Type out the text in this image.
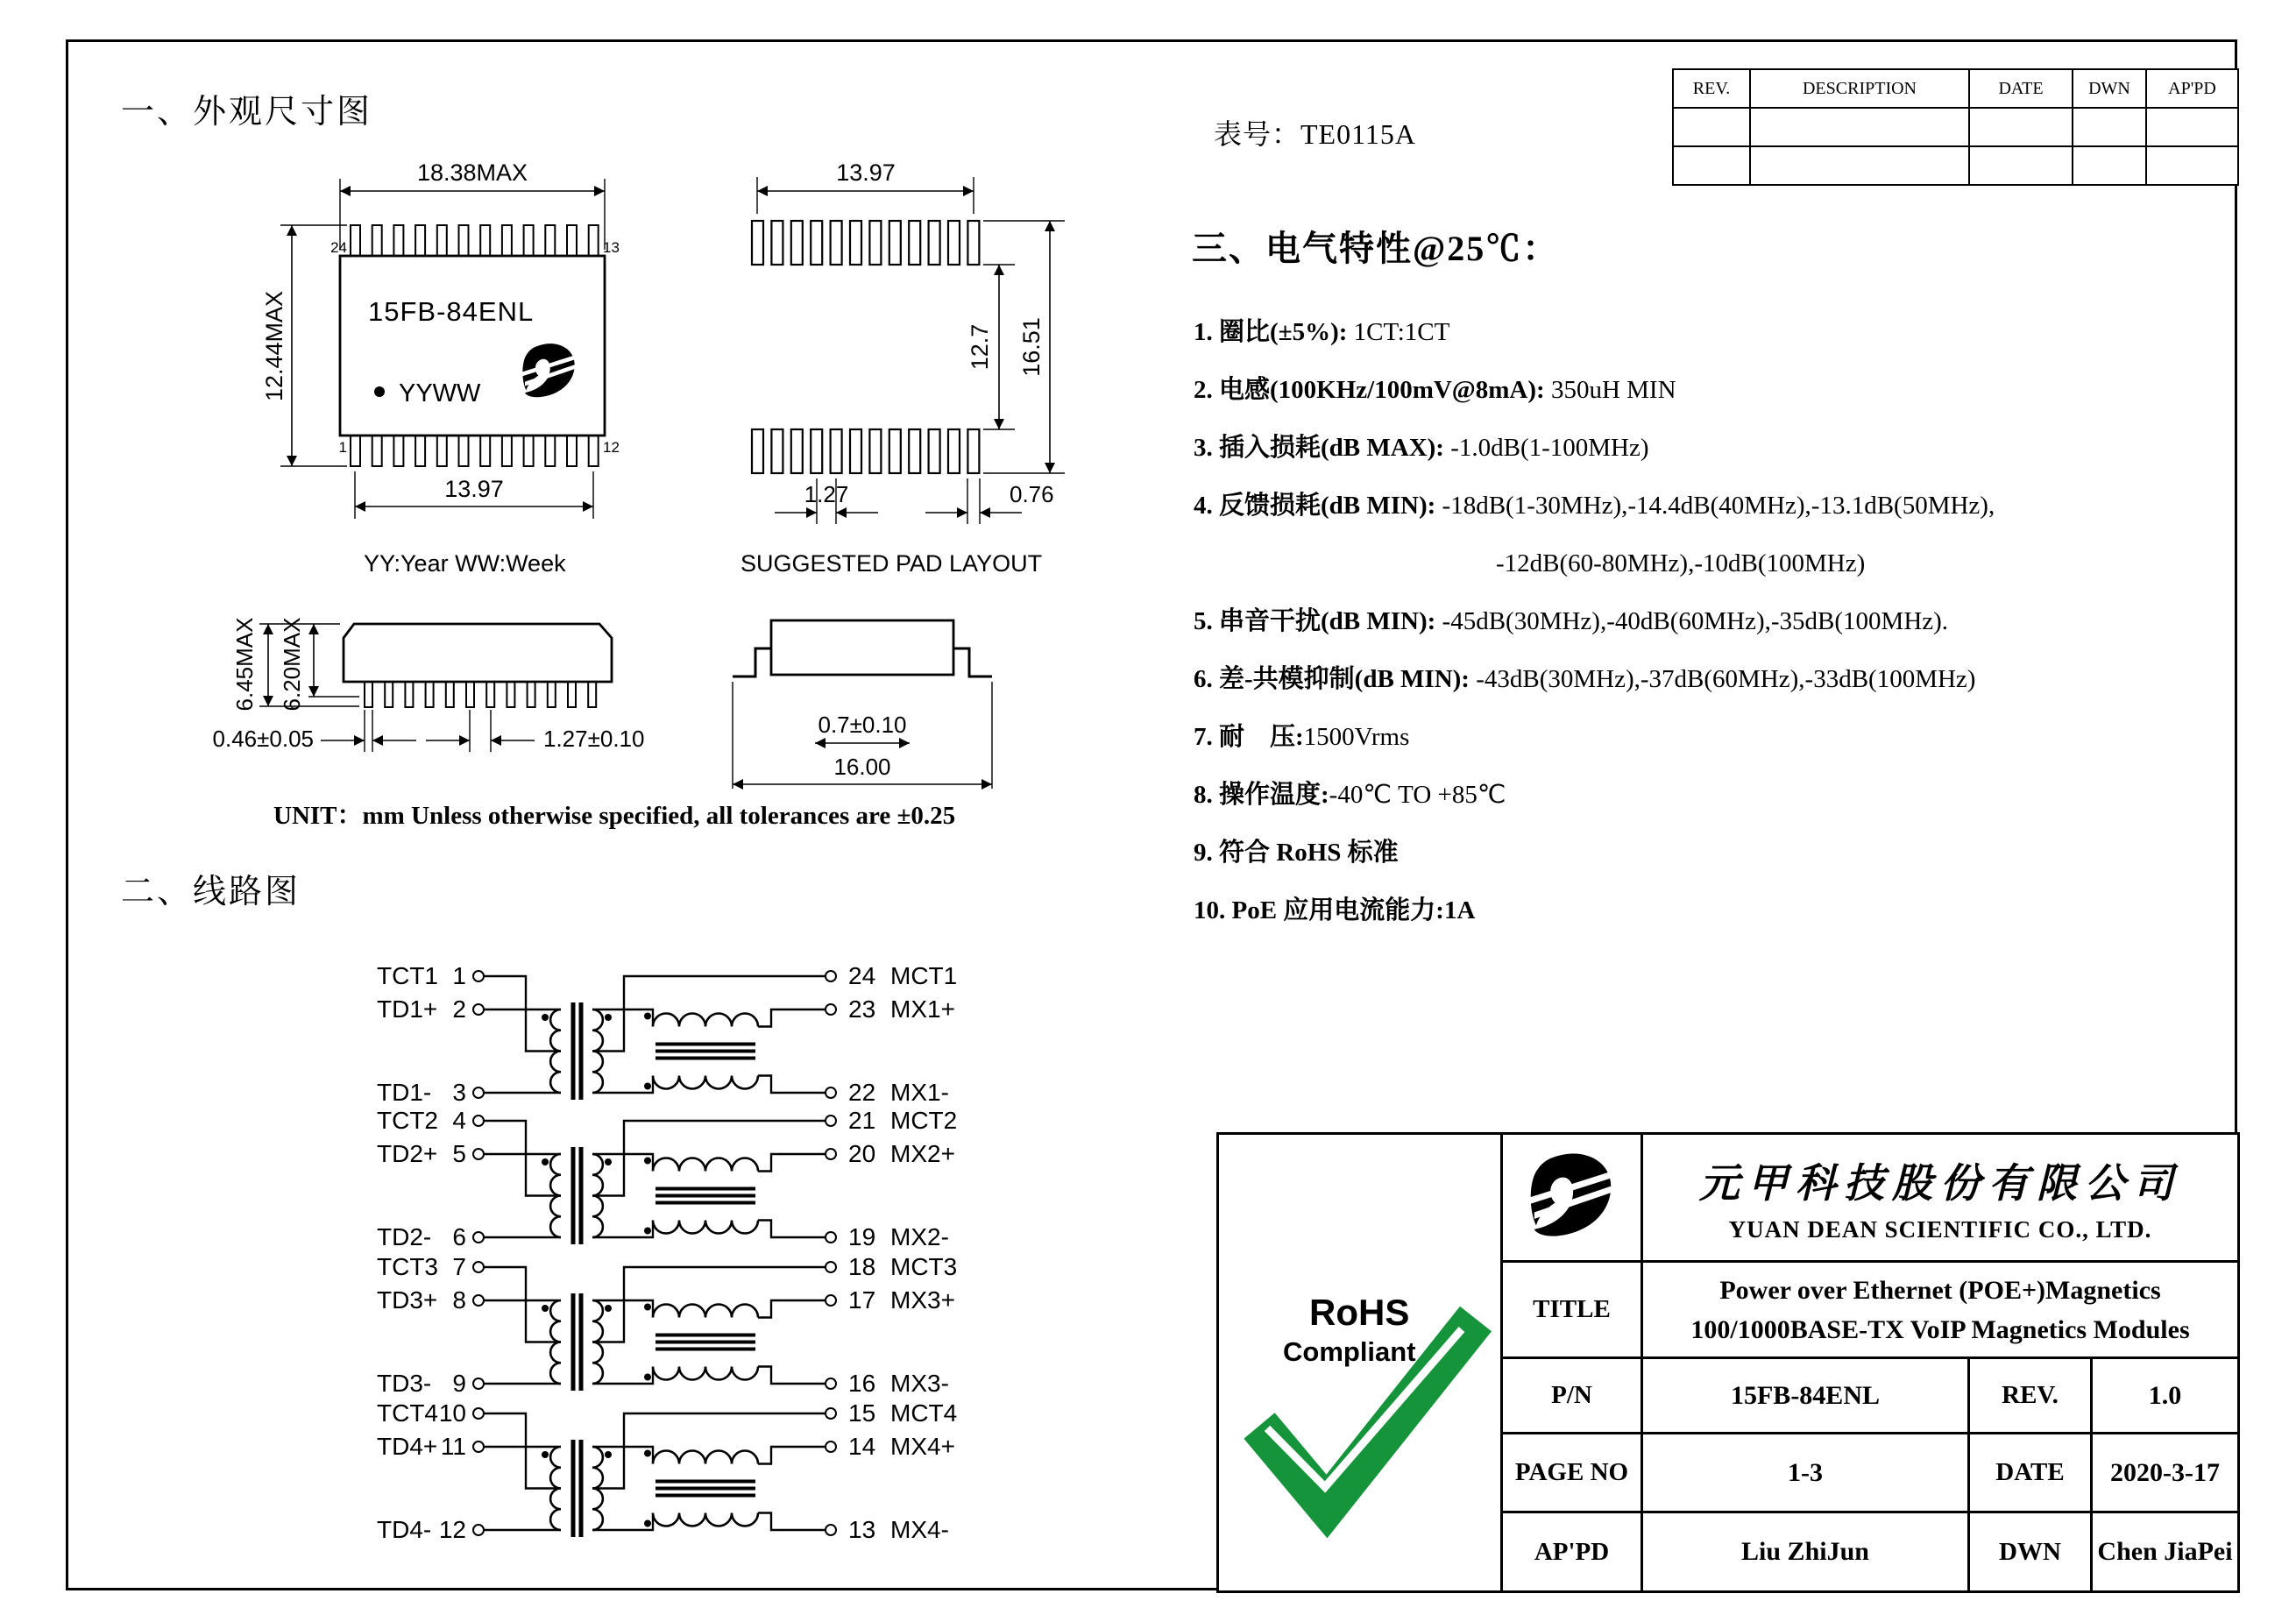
24	13
1	12
15FB-84ENL
YYWW
18.38MAX
12.44MAX
13.97
YY:Year WW:Week
13.97
12.7 16.51
1.27	0.76
SUGGESTED PAD LAYOUT
6.45MAX 6.20MAX
0.46±0.05	1.27±0.10
0.7±0.10
16.00
TCT1 1	24 MCT1
TD1+ 2	23 MX1+
TD1- 3	22 MX1-
TCT2 4	21 MCT2
TD2+ 5	20 MX2+
TD2- 6	19 MX2-
TCT3 7	18 MCT3
TD3+ 8	17 MX3+
TD3- 9	16 MX3-
TCT4 10	15 MCT4
TD4+ 11	14 MX4+
TD4- 12	13 MX4-
一、外观尺寸图
二、线路图
表号：TE0115A
三、电气特性@25℃：
UNIT：mm Unless otherwise specified, all tolerances are ±0.25
1. 圈比(±5%): 1CT:1CT
2. 电感(100KHz/100mV@8mA): 350uH MIN
3. 插入损耗(dB MAX): -1.0dB(1-100MHz)
4. 反馈损耗(dB MIN): -18dB(1-30MHz),-14.4dB(40MHz),-13.1dB(50MHz),
-12dB(60-80MHz),-10dB(100MHz)
5. 串音干扰(dB MIN): -45dB(30MHz),-40dB(60MHz),-35dB(100MHz).
6. 差-共模抑制(dB MIN): -43dB(30MHz),-37dB(60MHz),-33dB(100MHz)
7. 耐　压:1500Vrms
8. 操作温度:-40℃ TO +85℃
9. 符合 RoHS 标准
10. PoE 应用电流能力:1A
REV.	DESCRIPTION	DATE	DWN	AP'PD

RoHS
Compliant

元甲科技股份有限公司
YUAN DEAN SCIENTIFIC CO., LTD.

	TITLE	Power over Ethernet (POE+)Magnetics
100/1000BASE-TX VoIP Magnetics Modules		

	P/N	15FB-84ENL	REV.	1.0
	PAGE NO	1-3	DATE	2020-3-17
	AP'PD	Liu ZhiJun	DWN	Chen JiaPei
